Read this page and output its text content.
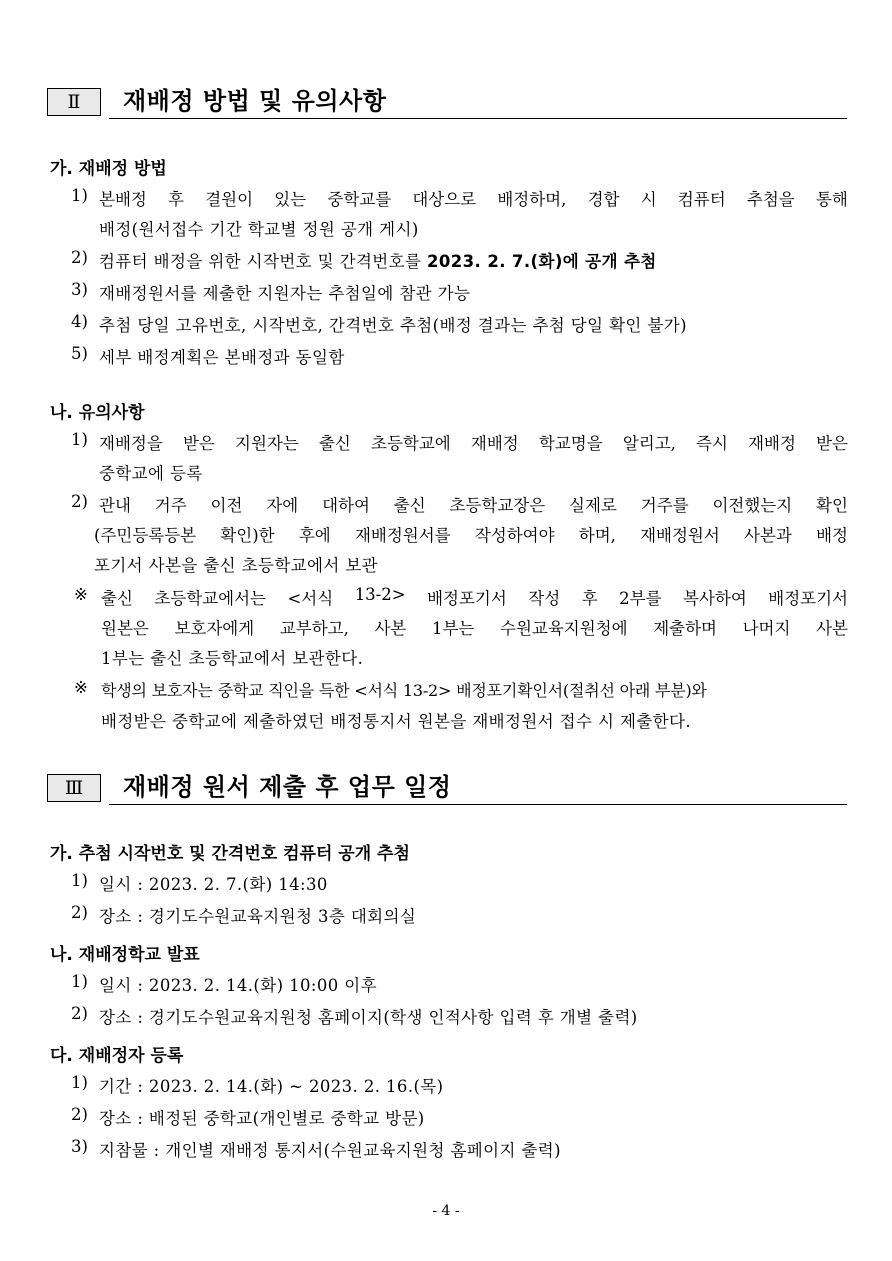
Ⅱ	재배정 방법 및 유의사항
가. 재배정 방법
1) 본배정 후 결원이 있는 중학교를 대상으로 배정하며, 경합 시 컴퓨터 추첨을 통해
배정(원서접수 기간 학교별 정원 공개 게시)
2) 컴퓨터 배정을 위한 시작번호 및 간격번호를 2023. 2. 7.(화)에 공개 추첨
3) 재배정원서를 제출한 지원자는 추첨일에 참관 가능
4) 추첨 당일 고유번호, 시작번호, 간격번호 추첨(배정 결과는 추첨 당일 확인 불가)
5) 세부 배정계획은 본배정과 동일함
나. 유의사항
1) 재배정을 받은 지원자는 출신 초등학교에 재배정 학교명을 알리고, 즉시 재배정 받은
중학교에 등록
2) 관내 거주 이전 자에 대하여 출신 초등학교장은 실제로 거주를 이전했는지 확인
(주민등록등본 확인)한 후에 재배정원서를 작성하여야 하며, 재배정원서 사본과 배정
포기서 사본을 출신 초등학교에서 보관
※ 출신 초등학교에서는 <서식 13-2> 배정포기서 작성 후 2부를 복사하여 배정포기서
원본은 보호자에게 교부하고, 사본 1부는 수원교육지원청에 제출하며 나머지 사본
1부는 출신 초등학교에서 보관한다.
※ 학생의 보호자는 중학교 직인을 득한 <서식 13-2> 배정포기확인서(절취선 아래 부분)와
배정받은 중학교에 제출하였던 배정통지서 원본을 재배정원서 접수 시 제출한다.
Ⅲ	재배정 원서 제출 후 업무 일정
가. 추첨 시작번호 및 간격번호 컴퓨터 공개 추첨
1) 일시 : 2023. 2. 7.(화) 14:30
2) 장소 : 경기도수원교육지원청 3층 대회의실
나. 재배정학교 발표
1) 일시 : 2023. 2. 14.(화) 10:00 이후
2) 장소 : 경기도수원교육지원청 홈페이지(학생 인적사항 입력 후 개별 출력)
다. 재배정자 등록
1) 기간 : 2023. 2. 14.(화) ~ 2023. 2. 16.(목)
2) 장소 : 배정된 중학교(개인별로 중학교 방문)
3) 지참물 : 개인별 재배정 통지서(수원교육지원청 홈페이지 출력)
- 4 -
